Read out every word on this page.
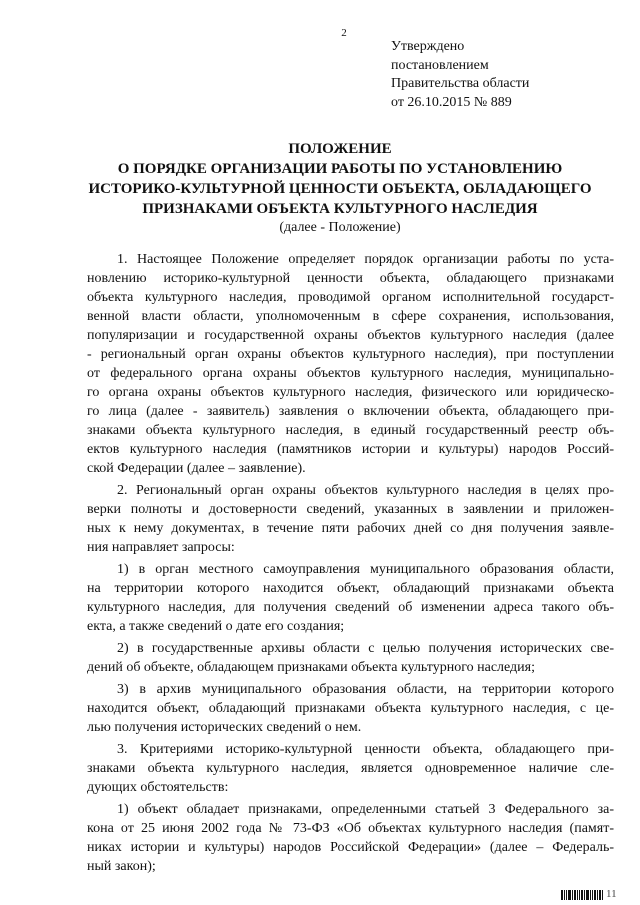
2
Утверждено
постановлением
Правительства области
от 26.10.2015 № 889
ПОЛОЖЕНИЕ
О ПОРЯДКЕ ОРГАНИЗАЦИИ РАБОТЫ ПО УСТАНОВЛЕНИЮ
ИСТОРИКО-КУЛЬТУРНОЙ ЦЕННОСТИ ОБЪЕКТА, ОБЛАДАЮЩЕГО
ПРИЗНАКАМИ ОБЪЕКТА КУЛЬТУРНОГО НАСЛЕДИЯ
(далее - Положение)
1. Настоящее Положение определяет порядок организации работы по уста-
новлению историко-культурной ценности объекта, обладающего признаками
объекта культурного наследия, проводимой органом исполнительной государст-
венной власти области, уполномоченным в сфере сохранения, использования,
популяризации и государственной охраны объектов культурного наследия (далее
- региональный орган охраны объектов культурного наследия), при поступлении
от федерального органа охраны объектов культурного наследия, муниципально-
го органа охраны объектов культурного наследия, физического или юридическо-
го лица (далее - заявитель) заявления о включении объекта, обладающего при-
знаками объекта культурного наследия, в единый государственный реестр объ-
ектов культурного наследия (памятников истории и культуры) народов Россий-
ской Федерации (далее – заявление).
2. Региональный орган охраны объектов культурного наследия в целях про-
верки полноты и достоверности сведений, указанных в заявлении и приложен-
ных к нему документах, в течение пяти рабочих дней со дня получения заявле-
ния направляет запросы:
1) в орган местного самоуправления муниципального образования области,
на территории которого находится объект, обладающий признаками объекта
культурного наследия, для получения сведений об изменении адреса такого объ-
екта, а также сведений о дате его создания;
2) в государственные архивы области с целью получения исторических све-
дений об объекте, обладающем признаками объекта культурного наследия;
3) в архив муниципального образования области, на территории которого
находится объект, обладающий признаками объекта культурного наследия, с це-
лью получения исторических сведений о нем.
3. Критериями историко-культурной ценности объекта, обладающего при-
знаками объекта культурного наследия, является одновременное наличие сле-
дующих обстоятельств:
1) объект обладает признаками, определенными статьей 3 Федерального за-
кона от 25 июня 2002 года № 73-ФЗ «Об объектах культурного наследия (памят-
никах истории и культуры) народов Российской Федерации» (далее – Федераль-
ный закон);
11
